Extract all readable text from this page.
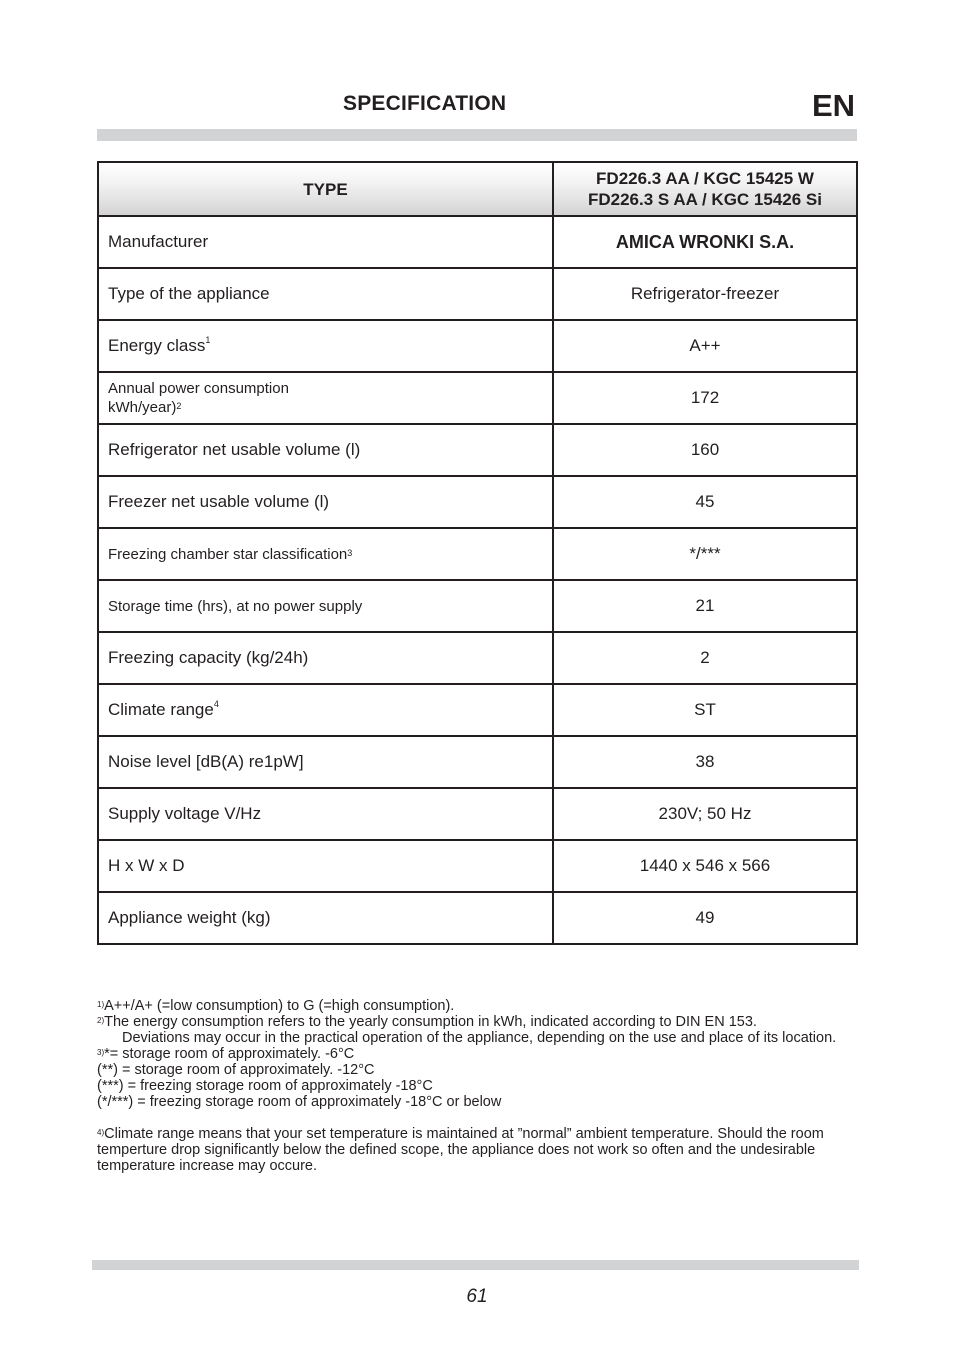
SPECIFICATION	EN
TYPE	FD226.3 AA / KGC 15425 W
FD226.3 S AA / KGC 15426 Si

Manufacturer	AMICA WRONKI S.A.
Type of the appliance	Refrigerator-freezer
Energy class$^1$	A++

Annual power consumption
kWh/year)$^2$	172
Refrigerator net usable volume (l)	160
Freezer net usable volume (l)	45
Freezing chamber star classification$^3$	*/***
Storage time (hrs), at no power supply	21
Freezing capacity (kg/24h)	2
Climate range$^4$	ST
Noise level [dB(A) re1pW]	38
Supply voltage V/Hz	230V; 50 Hz
H x W x D	1440 x 546 x 566
Appliance weight (kg)	49

$^{1)}$A++/A+ (=low consumption) to G (=high consumption).

$^{2)}$The energy consumption refers to the yearly consumption in kWh, indicated according to DIN EN 153.

Deviations may occur in the practical operation of the appliance, depending on the use and place of its location.

$^{3)}$*= storage room of approximately. -6°C

(**) = storage room of approximately. -12°C

(***) = freezing storage room of approximately -18°C

(*/***) = freezing storage room of approximately -18°C or below

$^{4)}$Climate range means that your set temperature is maintained at ”normal” ambient temperature. Should the room temperture drop significantly below the defined scope, the appliance does not work so often and the undesirable temperature increase may occure.

61
